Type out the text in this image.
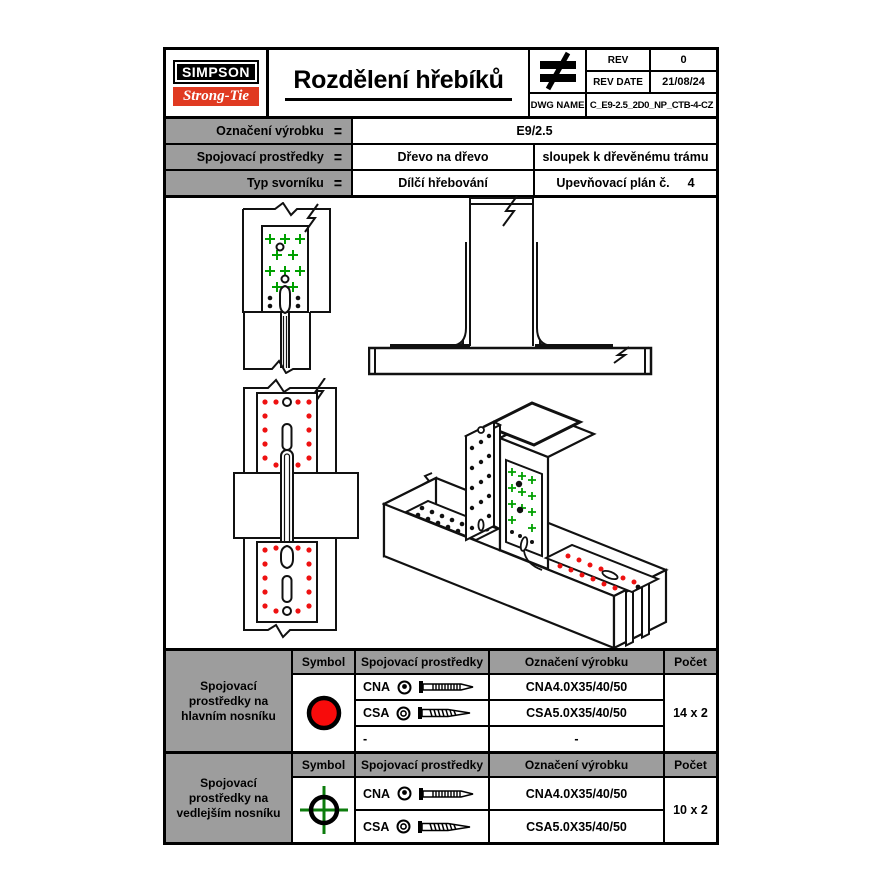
SIMPSON
Strong-Tie
Rozdělení hřebíků
REV	0
REV DATE	21/08/24
DWG NAME C_E9-2.5_2D0_NP_CTB-4-CZ
Označení výrobku =	E9/2.5
Spojovací prostředky =	Dřevo na dřevo	sloupek k dřevěnému trámu
Typ svorníku =	Dílčí hřebování	Upevňovací plán č. 4
Spojovací prostředky na hlavním nosníku
Symbol	Spojovací prostředky	Označení výrobku	Počet
14 x 2
CNA	CNA4.0X35/40/50
CSA	CSA5.0X35/40/50
-	-
Spojovací prostředky na vedlejším nosníku
Symbol	Spojovací prostředky	Označení výrobku	Počet
10 x 2
CNA	CNA4.0X35/40/50
CSA	CSA5.0X35/40/50
